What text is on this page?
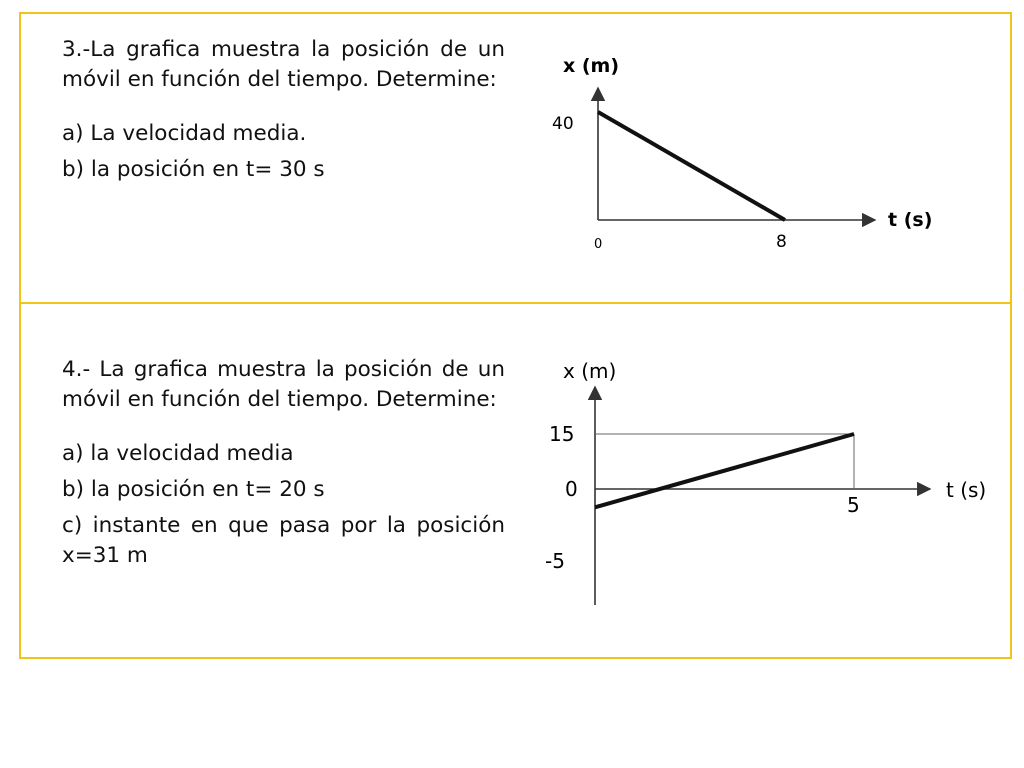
3.-La grafica muestra la posición de un móvil en función del tiempo. Determine:

a) La velocidad media.

b) la posición en t= 30 s

4.- La grafica muestra la posición de un móvil en función del tiempo. Determine:

a) la velocidad media

b) la posición en t= 20 s

c) instante en que pasa por la posición x=31 m

x (m)
t (s)
40
0	8
x (m)
t (s)
15
0
-5
5
